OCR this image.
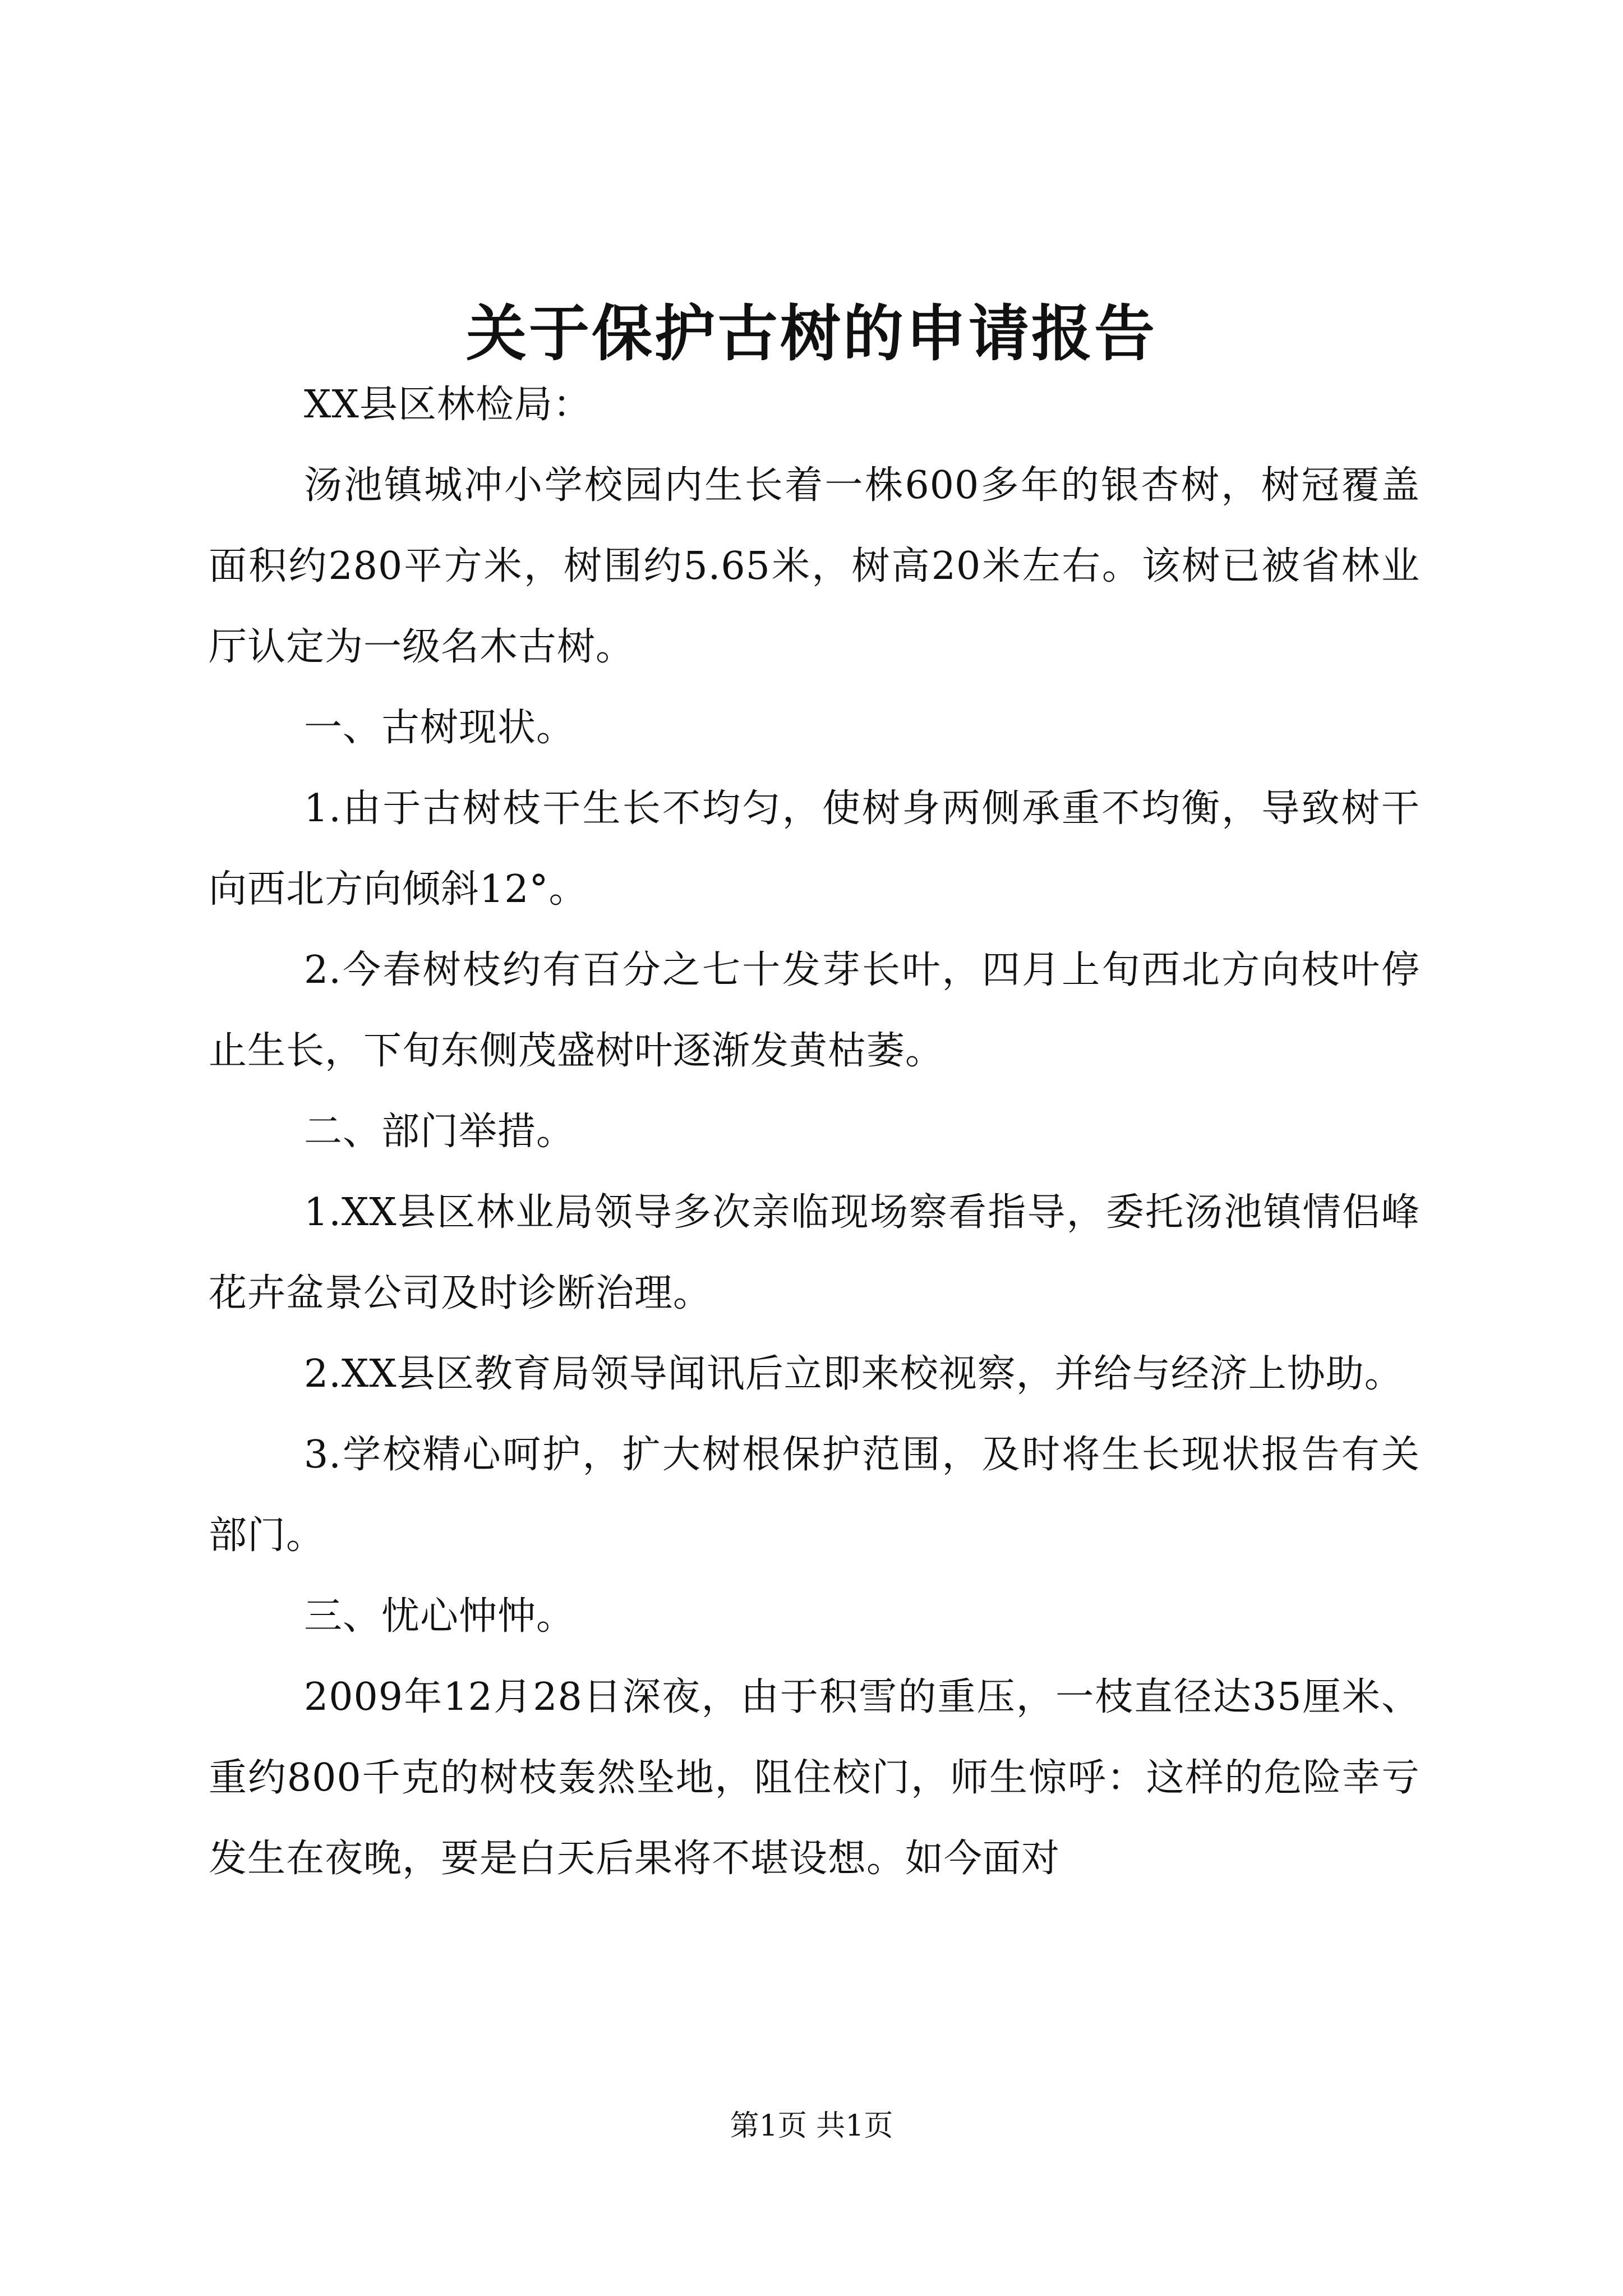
关于保护古树的申请报告

XX县区林检局：

汤池镇城冲小学校园内生长着一株600多年的银杏树，树冠覆盖面积约280平方米，树围约5.65米，树高20米左右。该树已被省林业厅认定为一级名木古树。

一、古树现状。

1.由于古树枝干生长不均匀，使树身两侧承重不均衡，导致树干向西北方向倾斜12°。

2.今春树枝约有百分之七十发芽长叶，四月上旬西北方向枝叶停止生长，下旬东侧茂盛树叶逐渐发黄枯萎。

二、部门举措。

1.XX县区林业局领导多次亲临现场察看指导，委托汤池镇情侣峰花卉盆景公司及时诊断治理。

2.XX县区教育局领导闻讯后立即来校视察，并给与经济上协助。

3.学校精心呵护，扩大树根保护范围，及时将生长现状报告有关部门。

三、忧心忡忡。

2009年12月28日深夜，由于积雪的重压，一枝直径达35厘米、重约800千克的树枝轰然坠地，阻住校门，师生惊呼：这样的危险幸亏发生在夜晚，要是白天后果将不堪设想。如今面对

第1页 共1页
